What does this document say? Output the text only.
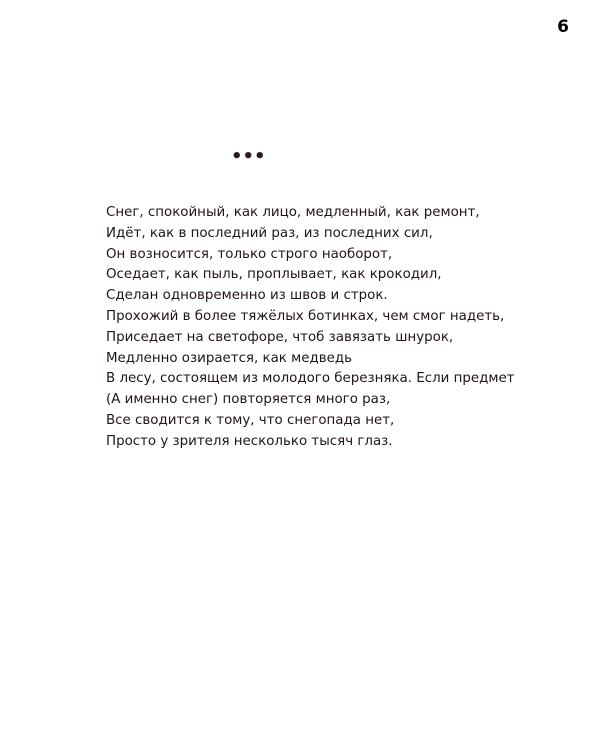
6
•••
Снег, спокойный, как лицо, медленный, как ремонт,
Идёт, как в последний раз, из последних сил,
Он возносится, только строго наоборот,
Оседает, как пыль, проплывает, как крокодил,
Сделан одновременно из швов и строк.
Прохожий в более тяжёлых ботинках, чем смог надеть,
Приседает на светофоре, чтоб завязать шнурок,
Медленно озирается, как медведь
В лесу, состоящем из молодого березняка. Если предмет
(А именно снег) повторяется много раз,
Все сводится к тому, что снегопада нет,
Просто у зрителя несколько тысяч глаз.
